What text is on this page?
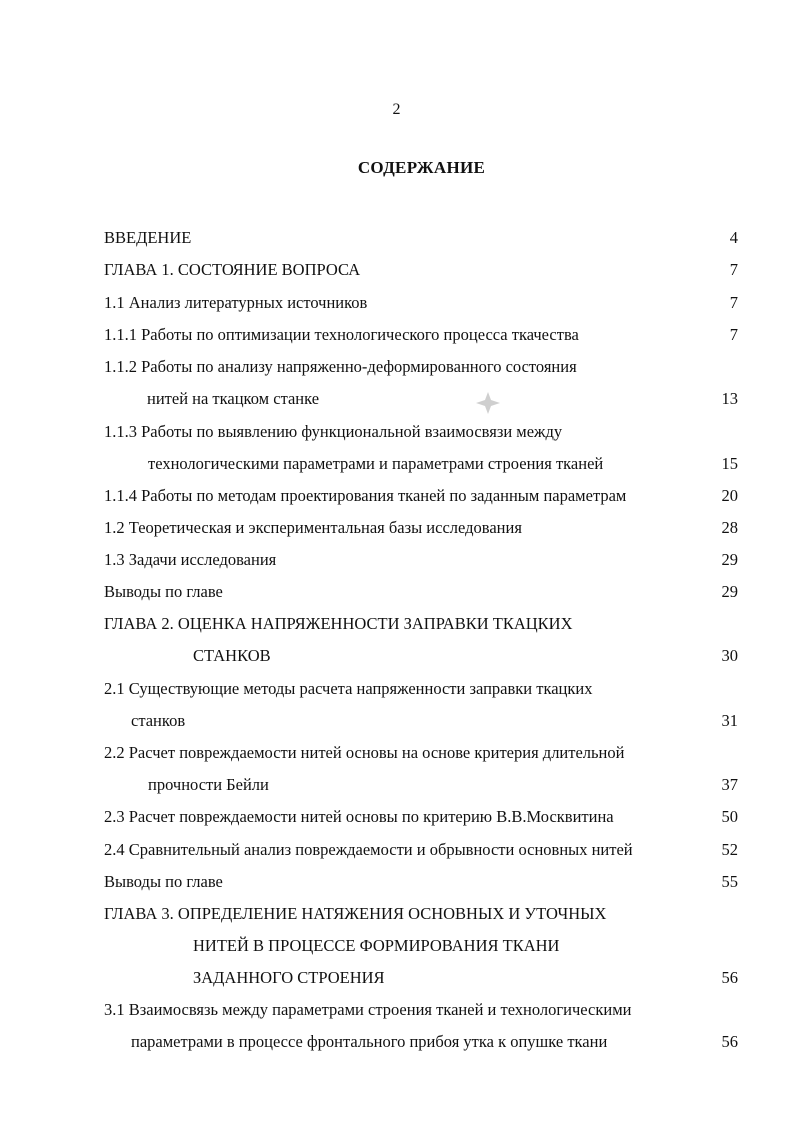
2
СОДЕРЖАНИЕ
ВВЕДЕНИЕ	4
ГЛАВА 1. СОСТОЯНИЕ ВОПРОСА	7
1.1 Анализ литературных источников	7
1.1.1 Работы по оптимизации технологического процесса ткачества	7
1.1.2 Работы по анализу напряженно-деформированного состояния
нитей на ткацком станке	13
1.1.3 Работы по выявлению функциональной взаимосвязи между
технологическими параметрами и параметрами строения тканей	15
1.1.4 Работы по методам проектирования тканей по заданным параметрам	20
1.2 Теоретическая и экспериментальная базы исследования	28
1.3 Задачи исследования	29
Выводы по главе	29
ГЛАВА 2. ОЦЕНКА НАПРЯЖЕННОСТИ ЗАПРАВКИ ТКАЦКИХ
СТАНКОВ	30
2.1 Существующие методы расчета напряженности заправки ткацких
станков	31
2.2 Расчет повреждаемости нитей основы на основе критерия длительной
прочности Бейли	37
2.3 Расчет повреждаемости нитей основы по критерию В.В.Москвитина	50
2.4 Сравнительный анализ повреждаемости и обрывности основных нитей	52
Выводы по главе	55
ГЛАВА 3. ОПРЕДЕЛЕНИЕ НАТЯЖЕНИЯ ОСНОВНЫХ И УТОЧНЫХ
НИТЕЙ В ПРОЦЕССЕ ФОРМИРОВАНИЯ ТКАНИ
ЗАДАННОГО СТРОЕНИЯ	56
3.1 Взаимосвязь между параметрами строения тканей и технологическими
параметрами в процессе фронтального прибоя утка к опушке ткани	56
